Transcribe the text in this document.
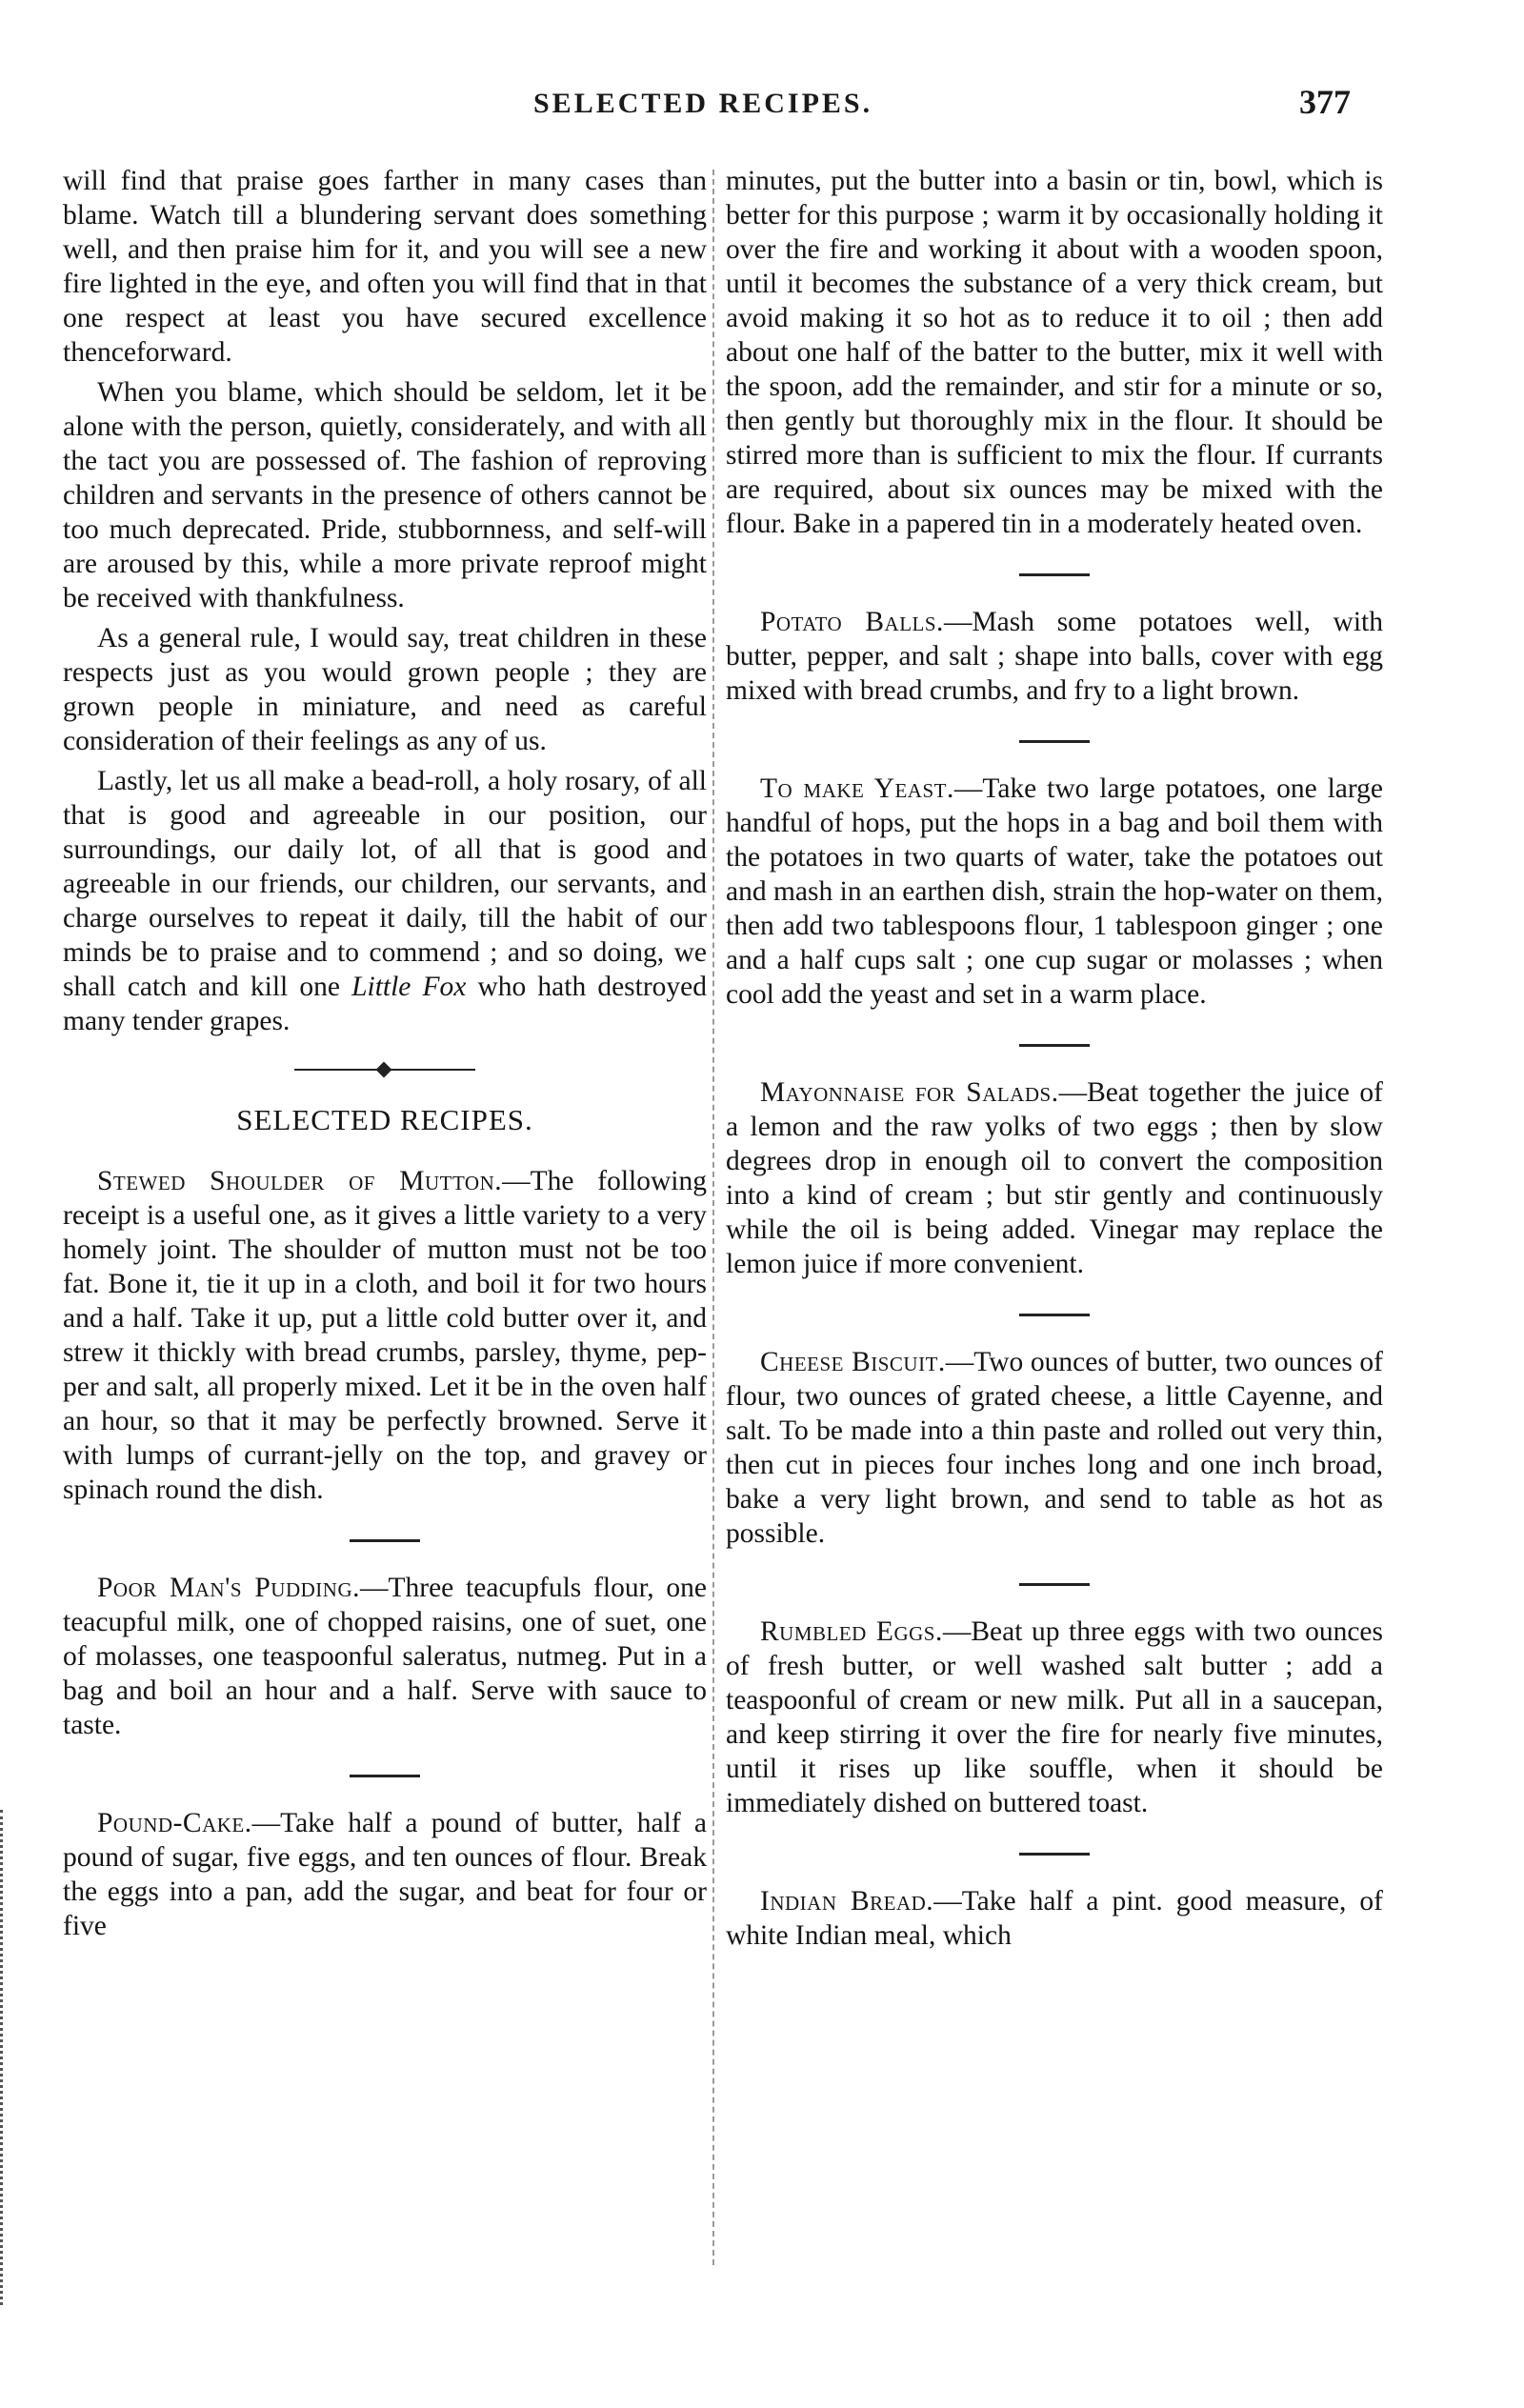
SELECTED RECIPES.	377

will find that praise goes farther in many cases than blame. Watch till a blundering servant does something well, and then praise him for it, and you will see a new fire lighted in the eye, and often you will find that in that one respect at least you have secured excellence thenceforward.

When you blame, which should be seldom, let it be alone with the person, quietly, considerately, and with all the tact you are possessed of. The fashion of reproving children and servants in the presence of others cannot be too much deprecated. Pride, stubbornness, and self-will are aroused by this, while a more private reproof might be received with thankfulness.

As a general rule, I would say, treat children in these respects just as you would grown people ; they are grown people in miniature, and need as careful consideration of their feelings as any of us.

Lastly, let us all make a bead-roll, a holy rosary, of all that is good and agreeable in our position, our surroundings, our daily lot, of all that is good and agreeable in our friends, our children, our servants, and charge ourselves to repeat it daily, till the habit of our minds be to praise and to commend ; and so doing, we shall catch and kill one Little Fox who hath destroyed many tender grapes.

SELECTED RECIPES.

Stewed Shoulder of Mutton.—The following receipt is a useful one, as it gives a little variety to a very homely joint. The shoulder of mutton must not be too fat. Bone it, tie it up in a cloth, and boil it for two hours and a half. Take it up, put a little cold butter over it, and strew it thickly with bread crumbs, parsley, thyme, pepper and salt, all properly mixed. Let it be in the oven half an hour, so that it may be perfectly browned. Serve it with lumps of currant-jelly on the top, and gravey or spinach round the dish.

Poor Man's Pudding.—Three teacupfuls flour, one teacupful milk, one of chopped raisins, one of suet, one of molasses, one teaspoonful saleratus, nutmeg. Put in a bag and boil an hour and a half. Serve with sauce to taste.

Pound-Cake.—Take half a pound of butter, half a pound of sugar, five eggs, and ten ounces of flour. Break the eggs into a pan, add the sugar, and beat for four or five

minutes, put the butter into a basin or tin, bowl, which is better for this purpose ; warm it by occasionally holding it over the fire and working it about with a wooden spoon, until it becomes the substance of a very thick cream, but avoid making it so hot as to reduce it to oil ; then add about one half of the batter to the butter, mix it well with the spoon, add the remainder, and stir for a minute or so, then gently but thoroughly mix in the flour. It should be stirred more than is sufficient to mix the flour. If currants are required, about six ounces may be mixed with the flour. Bake in a papered tin in a moderately heated oven.

Potato Balls.—Mash some potatoes well, with butter, pepper, and salt ; shape into balls, cover with egg mixed with bread crumbs, and fry to a light brown.

To make Yeast.—Take two large potatoes, one large handful of hops, put the hops in a bag and boil them with the potatoes in two quarts of water, take the potatoes out and mash in an earthen dish, strain the hop-water on them, then add two tablespoons flour, 1 tablespoon ginger ; one and a half cups salt ; one cup sugar or molasses ; when cool add the yeast and set in a warm place.

Mayonnaise for Salads.—Beat together the juice of a lemon and the raw yolks of two eggs ; then by slow degrees drop in enough oil to convert the composition into a kind of cream ; but stir gently and continuously while the oil is being added. Vinegar may replace the lemon juice if more convenient.

Cheese Biscuit.—Two ounces of butter, two ounces of flour, two ounces of grated cheese, a little Cayenne, and salt. To be made into a thin paste and rolled out very thin, then cut in pieces four inches long and one inch broad, bake a very light brown, and send to table as hot as possible.

Rumbled Eggs.—Beat up three eggs with two ounces of fresh butter, or well washed salt butter ; add a teaspoonful of cream or new milk. Put all in a saucepan, and keep stirring it over the fire for nearly five minutes, until it rises up like souffle, when it should be immediately dished on buttered toast.

Indian Bread.—Take half a pint. good measure, of white Indian meal, which
